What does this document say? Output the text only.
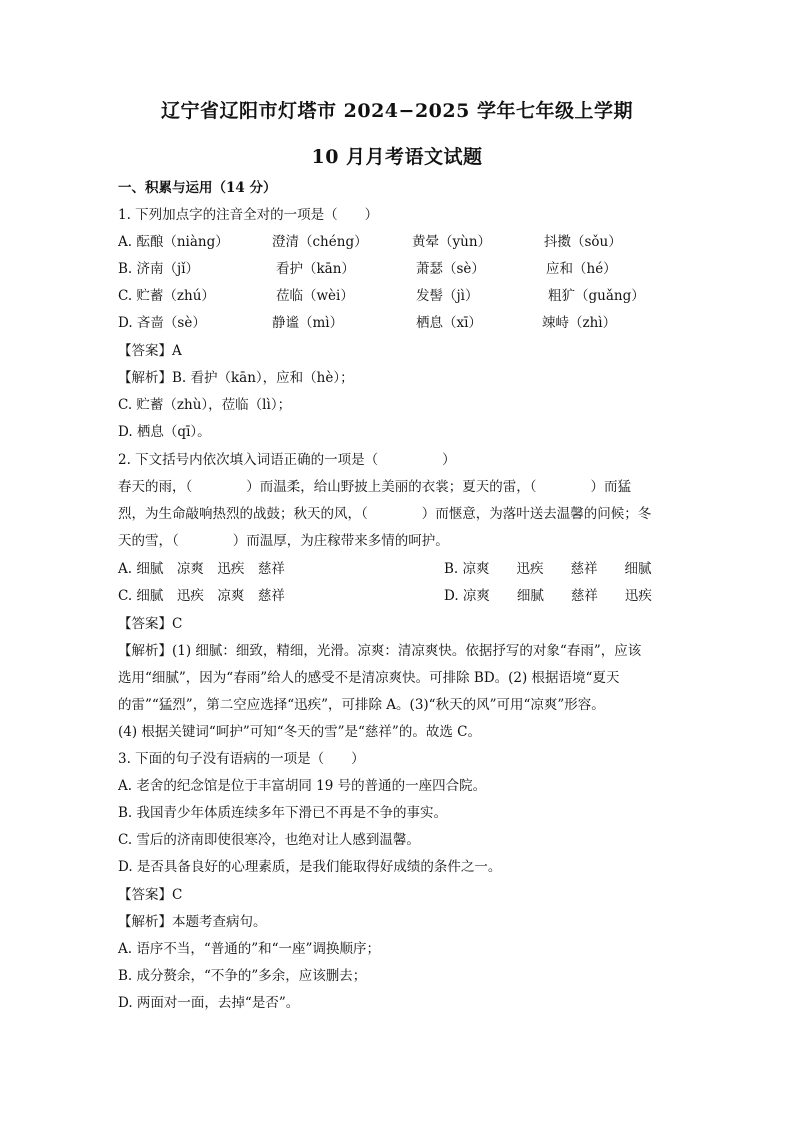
辽宁省辽阳市灯塔市 2024−2025 学年七年级上学期
10 月月考语文试题
一、积累与运用（14 分）
1. 下列加点字的注音全对的一项是（　　）
A. 酝酿（niàng）	澄清（chéng）	黄晕（yùn）	抖擞（sǒu）
B. 济南（jǐ）	看护（kān）	萧瑟（sè）	应和（hé）
C. 贮蓄（zhú）	莅临（wèi）	发髻（jì）	粗犷（guǎng）
D. 吝啬（sè）	静谧（mì）	栖息（xī）	竦峙（zhì）
【答案】A
【解析】B. 看护（kān），应和（hè）；
C. 贮蓄（zhù），莅临（lì）；
D. 栖息（qī）。
2. 下文括号内依次填入词语正确的一项是（	）
春天的雨，（	）而温柔，给山野披上美丽的衣裳；夏天的雷，（	）而猛
烈，为生命敲响热烈的战鼓；秋天的风，（	）而惬意，为落叶送去温馨的问候；冬
天的雪，（	）而温厚，为庄稼带来多情的呵护。
A. 细腻　凉爽　迅疾　慈祥	B. 凉爽　　迅疾　　慈祥　　细腻
C. 细腻　迅疾　凉爽　慈祥	D. 凉爽　　细腻　　慈祥　　迅疾
【答案】C
【解析】(1) 细腻：细致，精细，光滑。凉爽：清凉爽快。依据抒写的对象“春雨”，应该
选用“细腻”，因为“春雨”给人的感受不是清凉爽快。可排除 BD。(2) 根据语境“夏天
的雷”“猛烈”，第二空应选择“迅疾”，可排除 A。(3)“秋天的风”可用“凉爽”形容。
(4) 根据关键词“呵护”可知“冬天的雪”是“慈祥”的。故选 C。
3. 下面的句子没有语病的一项是（　　）
A. 老舍的纪念馆是位于丰富胡同 19 号的普通的一座四合院。
B. 我国青少年体质连续多年下滑已不再是不争的事实。
C. 雪后的济南即使很寒冷，也绝对让人感到温馨。
D. 是否具备良好的心理素质，是我们能取得好成绩的条件之一。
【答案】C
【解析】本题考查病句。
A. 语序不当，“普通的”和“一座”调换顺序；
B. 成分赘余，“不争的”多余，应该删去；
D. 两面对一面，去掉“是否”。
